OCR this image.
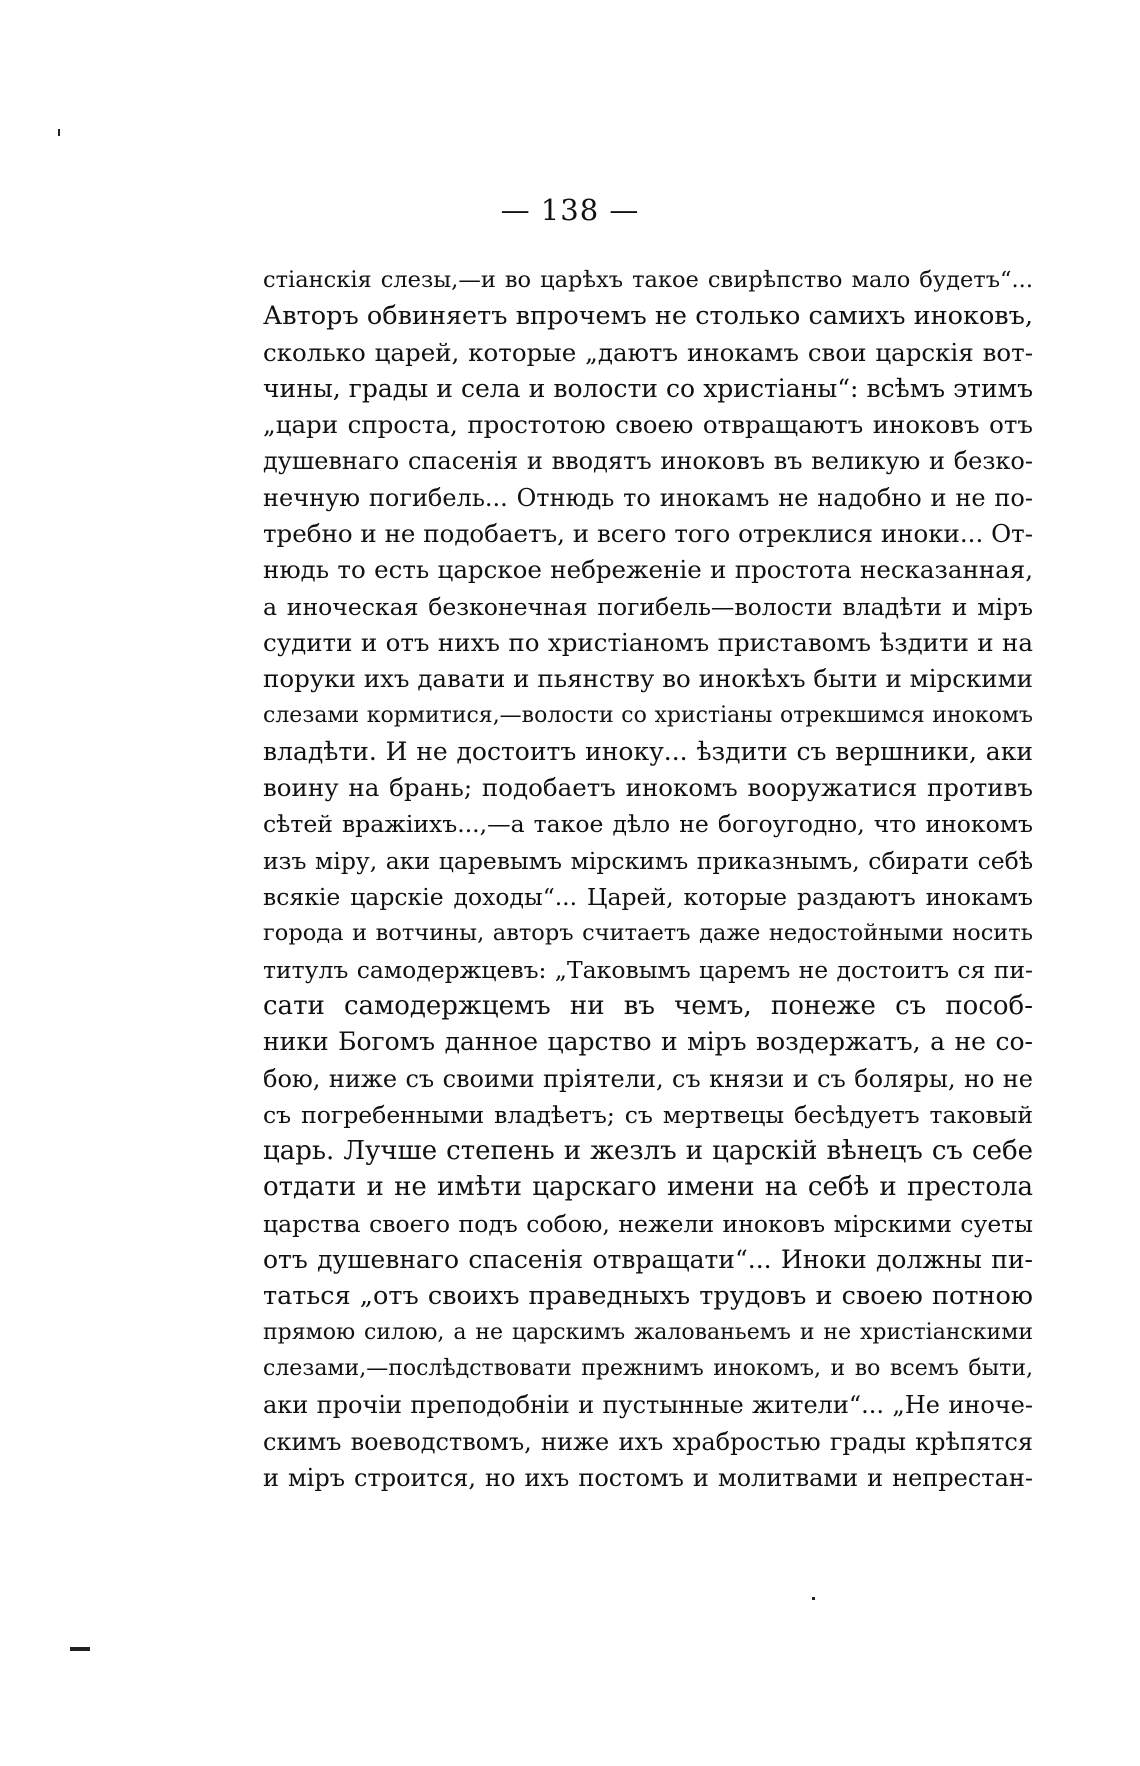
— 138 —
стіанскія слезы,—и во царѣхъ такое свирѣпство мало будетъ“...
Авторъ обвиняетъ впрочемъ не столько самихъ иноковъ,
сколько царей, которые „даютъ инокамъ свои царскія вот-
чины, грады и села и волости со христіаны“: всѣмъ этимъ
„цари спроста, простотою своею отвращаютъ иноковъ отъ
душевнаго спасенія и вводятъ иноковъ въ великую и безко-
нечную погибель... Отнюдь то инокамъ не надобно и не по-
требно и не подобаетъ, и всего того отреклися иноки... От-
нюдь то есть царское небреженіе и простота несказанная,
а иноческая безконечная погибель—волости владѣти и міръ
судити и отъ нихъ по христіаномъ приставомъ ѣздити и на
поруки ихъ давати и пьянству во инокѣхъ быти и мірскими
слезами кормитися,—волости со христіаны отрекшимся инокомъ
владѣти. И не достоитъ иноку... ѣздити съ вершники, аки
воину на брань; подобаетъ инокомъ вооружатися противъ
сѣтей вражіихъ...,—а такое дѣло не богоугодно, что инокомъ
изъ міру, аки царевымъ мірскимъ приказнымъ, сбирати себѣ
всякіе царскіе доходы“... Царей, которые раздаютъ инокамъ
города и вотчины, авторъ считаетъ даже недостойными носить
титулъ самодержцевъ: „Таковымъ царемъ не достоитъ ся пи-
сати самодержцемъ ни въ чемъ, понеже съ пособ-
ники Богомъ данное царство и міръ воздержатъ, а не со-
бою, ниже съ своими пріятели, съ князи и съ боляры, но не
съ погребенными владѣетъ; съ мертвецы бесѣдуетъ таковый
царь. Лучше степень и жезлъ и царскій вѣнецъ съ себе
отдати и не имѣти царскаго имени на себѣ и престола
царства своего подъ собою, нежели иноковъ мірскими суеты
отъ душевнаго спасенія отвращати“... Иноки должны пи-
таться „отъ своихъ праведныхъ трудовъ и своею потною
прямою силою, а не царскимъ жалованьемъ и не христіанскими
слезами,—послѣдствовати прежнимъ инокомъ, и во всемъ быти,
аки прочіи преподобніи и пустынные жители“... „Не иноче-
скимъ воеводствомъ, ниже ихъ храбростью грады крѣпятся
и міръ строится, но ихъ постомъ и молитвами и непрестан-
